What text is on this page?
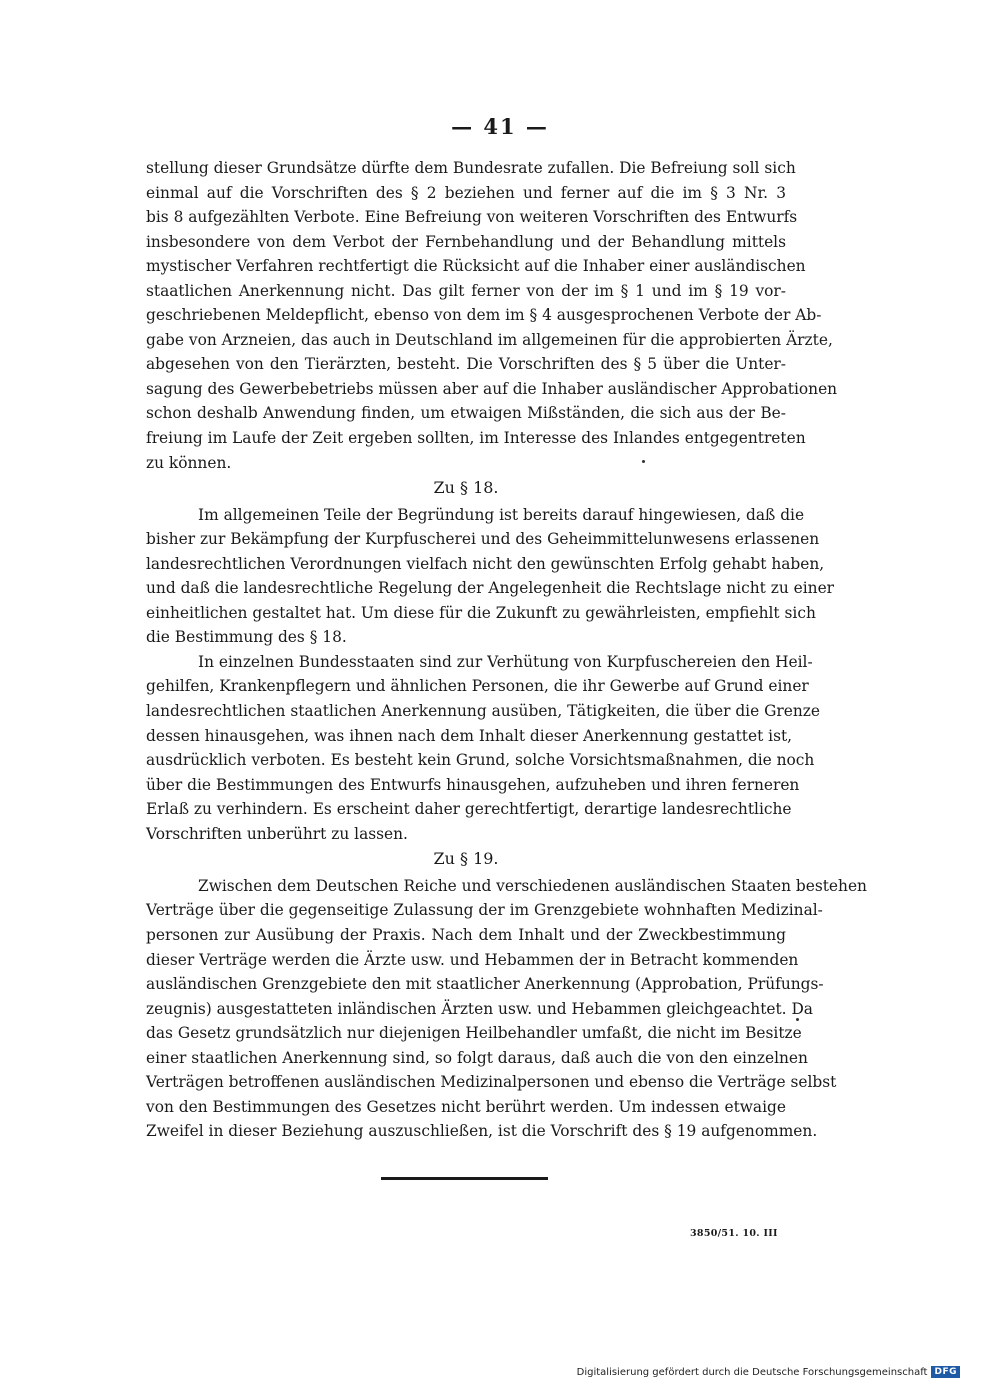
— 41 —
stellung dieser Grundsätze dürfte dem Bundesrate zufallen. Die Befreiung soll sich
einmal auf die Vorschriften des § 2 beziehen und ferner auf die im § 3 Nr. 3
bis 8 aufgezählten Verbote. Eine Befreiung von weiteren Vorschriften des Entwurfs
insbesondere von dem Verbot der Fernbehandlung und der Behandlung mittels
mystischer Verfahren rechtfertigt die Rücksicht auf die Inhaber einer ausländischen
staatlichen Anerkennung nicht. Das gilt ferner von der im § 1 und im § 19 vor-
geschriebenen Meldepflicht, ebenso von dem im § 4 ausgesprochenen Verbote der Ab-
gabe von Arzneien, das auch in Deutschland im allgemeinen für die approbierten Ärzte,
abgesehen von den Tierärzten, besteht. Die Vorschriften des § 5 über die Unter-
sagung des Gewerbebetriebs müssen aber auf die Inhaber ausländischer Approbationen
schon deshalb Anwendung finden, um etwaigen Mißständen, die sich aus der Be-
freiung im Laufe der Zeit ergeben sollten, im Interesse des Inlandes entgegentreten
zu können.
Zu § 18.
Im allgemeinen Teile der Begründung ist bereits darauf hingewiesen, daß die
bisher zur Bekämpfung der Kurpfuscherei und des Geheimmittelunwesens erlassenen
landesrechtlichen Verordnungen vielfach nicht den gewünschten Erfolg gehabt haben,
und daß die landesrechtliche Regelung der Angelegenheit die Rechtslage nicht zu einer
einheitlichen gestaltet hat. Um diese für die Zukunft zu gewährleisten, empfiehlt sich
die Bestimmung des § 18.
In einzelnen Bundesstaaten sind zur Verhütung von Kurpfuschereien den Heil-
gehilfen, Krankenpflegern und ähnlichen Personen, die ihr Gewerbe auf Grund einer
landesrechtlichen staatlichen Anerkennung ausüben, Tätigkeiten, die über die Grenze
dessen hinausgehen, was ihnen nach dem Inhalt dieser Anerkennung gestattet ist,
ausdrücklich verboten. Es besteht kein Grund, solche Vorsichtsmaßnahmen, die noch
über die Bestimmungen des Entwurfs hinausgehen, aufzuheben und ihren ferneren
Erlaß zu verhindern. Es erscheint daher gerechtfertigt, derartige landesrechtliche
Vorschriften unberührt zu lassen.
Zu § 19.
Zwischen dem Deutschen Reiche und verschiedenen ausländischen Staaten bestehen
Verträge über die gegenseitige Zulassung der im Grenzgebiete wohnhaften Medizinal-
personen zur Ausübung der Praxis. Nach dem Inhalt und der Zweckbestimmung
dieser Verträge werden die Ärzte usw. und Hebammen der in Betracht kommenden
ausländischen Grenzgebiete den mit staatlicher Anerkennung (Approbation, Prüfungs-
zeugnis) ausgestatteten inländischen Ärzten usw. und Hebammen gleichgeachtet. Da
das Gesetz grundsätzlich nur diejenigen Heilbehandler umfaßt, die nicht im Besitze
einer staatlichen Anerkennung sind, so folgt daraus, daß auch die von den einzelnen
Verträgen betroffenen ausländischen Medizinalpersonen und ebenso die Verträge selbst
von den Bestimmungen des Gesetzes nicht berührt werden. Um indessen etwaige
Zweifel in dieser Beziehung auszuschließen, ist die Vorschrift des § 19 aufgenommen.
3850/51. 10. III
Digitalisierung gefördert durch die Deutsche Forschungsgemeinschaft DFG
